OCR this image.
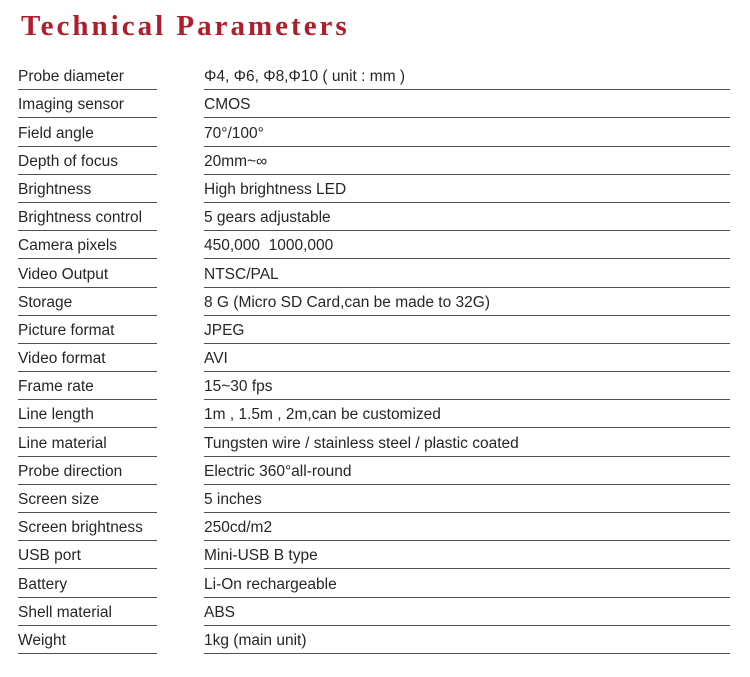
Technical Parameters
Probe diameter	Φ4, Φ6, Φ8,Φ10 ( unit : mm )
Imaging sensor	CMOS
Field angle	70°/100°
Depth of focus	20mm~∞
Brightness	High brightness LED
Brightness control	5 gears adjustable
Camera pixels	450,000  1000,000
Video Output	NTSC/PAL
Storage	8 G (Micro SD Card,can be made to 32G)
Picture format	JPEG
Video format	AVI
Frame rate	15~30 fps
Line length	1m , 1.5m , 2m,can be customized
Line material	Tungsten wire / stainless steel / plastic coated
Probe direction	Electric 360°all-round
Screen size	5 inches
Screen brightness	250cd/m2
USB port	Mini-USB B type
Battery	Li-On rechargeable
Shell material	ABS
Weight	1kg (main unit)
